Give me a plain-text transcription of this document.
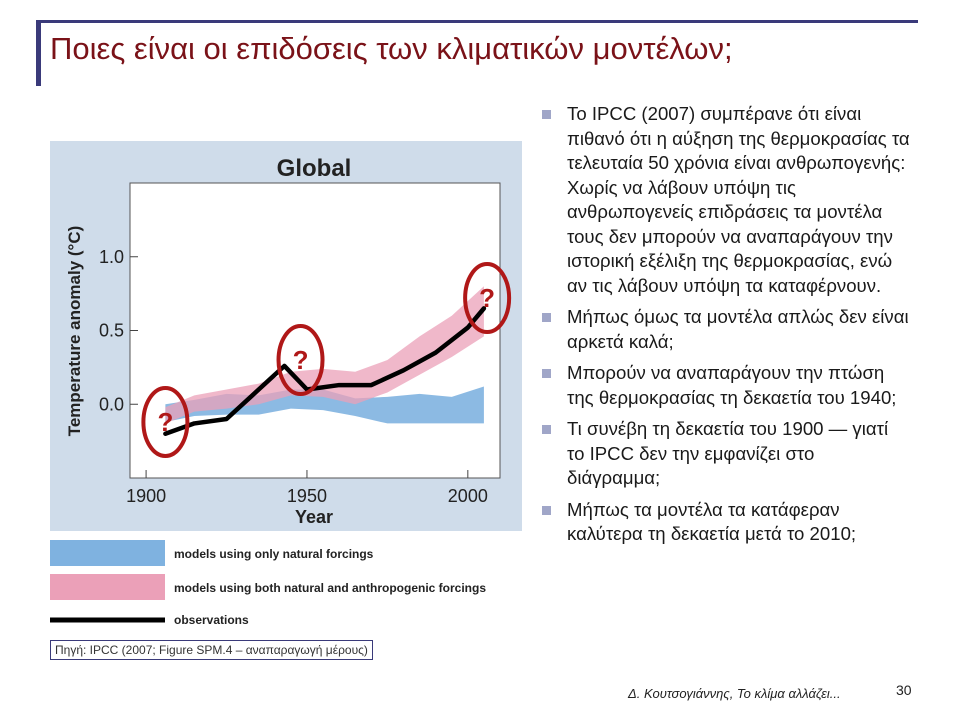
Ποιες είναι οι επιδόσεις των κλιματικών μοντέλων;
Global
Year
Temperature anomaly (°C)
1900	1950	2000
0.0
0.5
1.0
?
?
?
models using only natural forcings
models using both natural and anthropogenic forcings
observations
Πηγή: IPCC (2007; Figure SPM.4 – αναπαραγωγή μέρους)
Το IPCC (2007) συμπέρανε ότι είναι πιθανό ότι η αύξηση της θερμοκρασίας τα τελευταία 50 χρόνια είναι ανθρωπογενής: Χωρίς να λάβουν υπόψη τις ανθρωπογενείς επιδράσεις τα μοντέλα τους δεν μπορούν να αναπαράγουν την ιστορική εξέλιξη της θερμοκρασίας, ενώ αν τις λάβουν υπόψη τα καταφέρνουν.
Μήπως όμως τα μοντέλα απλώς δεν είναι αρκετά καλά;
Μπορούν να αναπαράγουν την πτώση της θερμοκρασίας τη δεκαετία του 1940;
Τι συνέβη τη δεκαετία του 1900 — γιατί το IPCC δεν την εμφανίζει στο διάγραμμα;
Μήπως τα μοντέλα τα κατάφεραν καλύτερα τη δεκαετία μετά το 2010;
Δ. Κουτσογιάννης, Το κλίμα αλλάζει...	30
